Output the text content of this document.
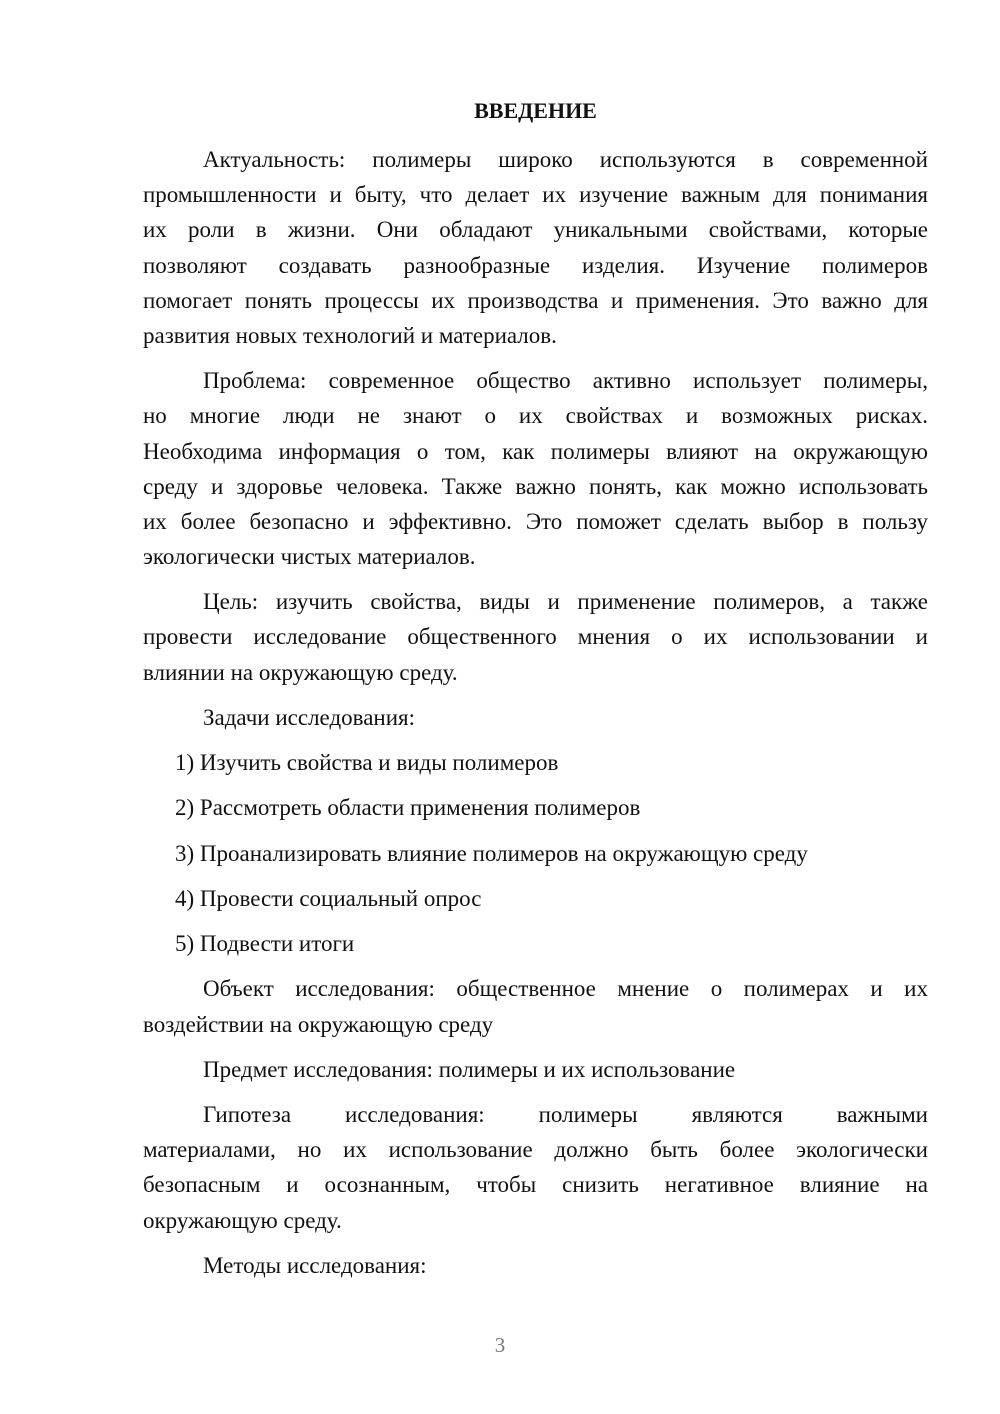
ВВЕДЕНИЕ
Актуальность: полимеры широко используются в современной
промышленности и быту, что делает их изучение важным для понимания
их роли в жизни. Они обладают уникальными свойствами, которые
позволяют создавать разнообразные изделия. Изучение полимеров
помогает понять процессы их производства и применения. Это важно для
развития новых технологий и материалов.
Проблема: современное общество активно использует полимеры,
но многие люди не знают о их свойствах и возможных рисках.
Необходима информация о том, как полимеры влияют на окружающую
среду и здоровье человека. Также важно понять, как можно использовать
их более безопасно и эффективно. Это поможет сделать выбор в пользу
экологически чистых материалов.
Цель: изучить свойства, виды и применение полимеров, а также
провести исследование общественного мнения о их использовании и
влиянии на окружающую среду.
Задачи исследования:
1) Изучить свойства и виды полимеров
2) Рассмотреть области применения полимеров
3) Проанализировать влияние полимеров на окружающую среду
4) Провести социальный опрос
5) Подвести итоги
Объект исследования: общественное мнение о полимерах и их
воздействии на окружающую среду
Предмет исследования: полимеры и их использование
Гипотеза исследования: полимеры являются важными
материалами, но их использование должно быть более экологически
безопасным и осознанным, чтобы снизить негативное влияние на
окружающую среду.
Методы исследования:
3
